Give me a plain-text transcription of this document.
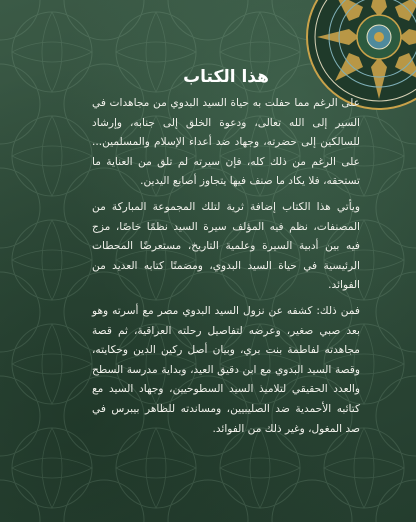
هذا الكتاب

على الرغم مما حفلت به حياة السيد البدوي من مجاهدات في السير إلى الله تعالى، ودعوة الخلق إلى جنابه، وإرشاد للسالكين إلى حضرته، وجهاد ضد أعداء الإسلام والمسلمين... على الرغم من ذلك كله، فإن سيرته لم تلق من العناية ما تستحقه، فلا يكاد ما صنف فيها يتجاوز أصابع اليدين.

ويأتي هذا الكتاب إضافة ثرية لتلك المجموعة المباركة من المصنفات، نظم فيه المؤلف سيرة السيد نظمًا خاصًا، مزج فيه بين أدبية السيرة وعلمية التاريخ، مستعرضًا المحطات الرئيسية في حياة السيد البدوي، ومضمنًا كتابه العديد من الفوائد.

فمن ذلك: كشفه عن نزول السيد البدوي مصر مع أسرته وهو بعد صبي صغير، وعرضه لتفاصيل رحلته العراقية، ثم قصة مجاهدته لفاطمة بنت بري، وبيان أصل ركين الدين وحكايته، وقصة السيد البدوي مع ابن دقيق العيد، وبداية مدرسة السطح والعدد الحقيقي لتلاميذ السيد السطوحيين، وجهاد السيد مع كتائبه الأحمدية ضد الصليبيين، ومساندته للظاهر بيبرس في صد المغول، وغير ذلك من الفوائد.
